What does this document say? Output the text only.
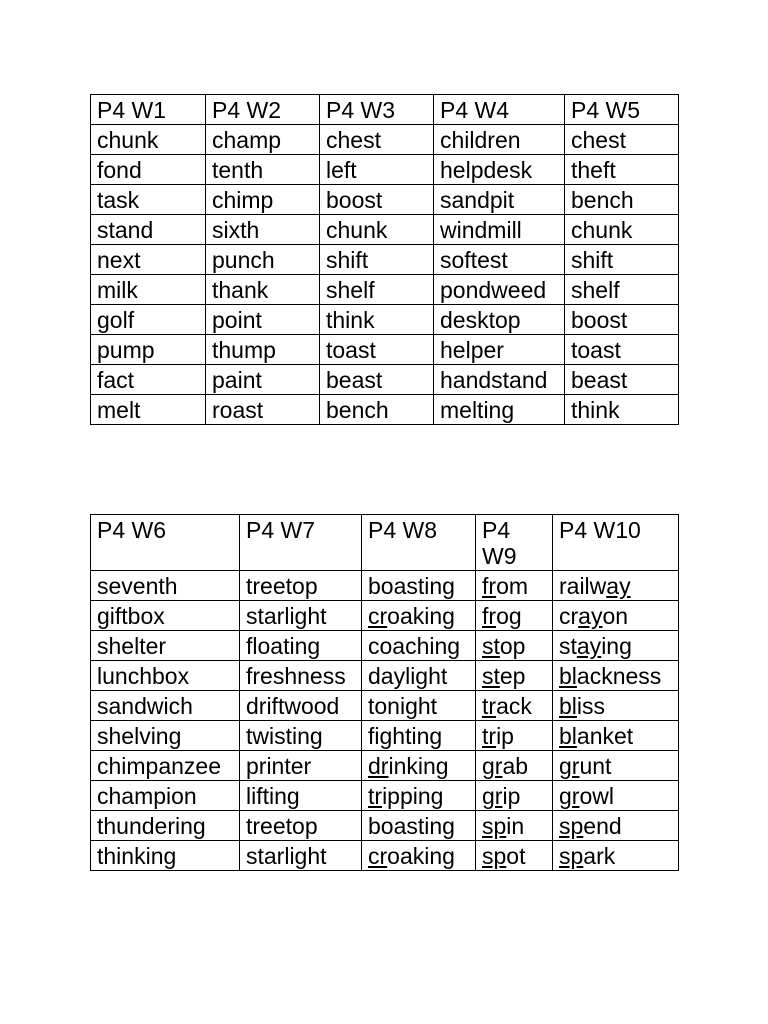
P4 W1	P4 W2	P4 W3	P4 W4	P4 W5
chunk	champ	chest	children	chest
fond	tenth	left	helpdesk	theft
task	chimp	boost	sandpit	bench
stand	sixth	chunk	windmill	chunk
next	punch	shift	softest	shift
milk	thank	shelf	pondweed	shelf
golf	point	think	desktop	boost
pump	thump	toast	helper	toast
fact	paint	beast	handstand	beast
melt	roast	bench	melting	think
P4 W6	P4 W7	P4 W8	P4 W9	P4 W10
seventh	treetop	boasting	from	railway
giftbox	starlight	croaking	frog	crayon
shelter	floating	coaching	stop	staying
lunchbox	freshness	daylight	step	blackness
sandwich	driftwood	tonight	track	bliss
shelving	twisting	fighting	trip	blanket
chimpanzee	printer	drinking	grab	grunt
champion	lifting	tripping	grip	growl
thundering	treetop	boasting	spin	spend
thinking	starlight	croaking	spot	spark
